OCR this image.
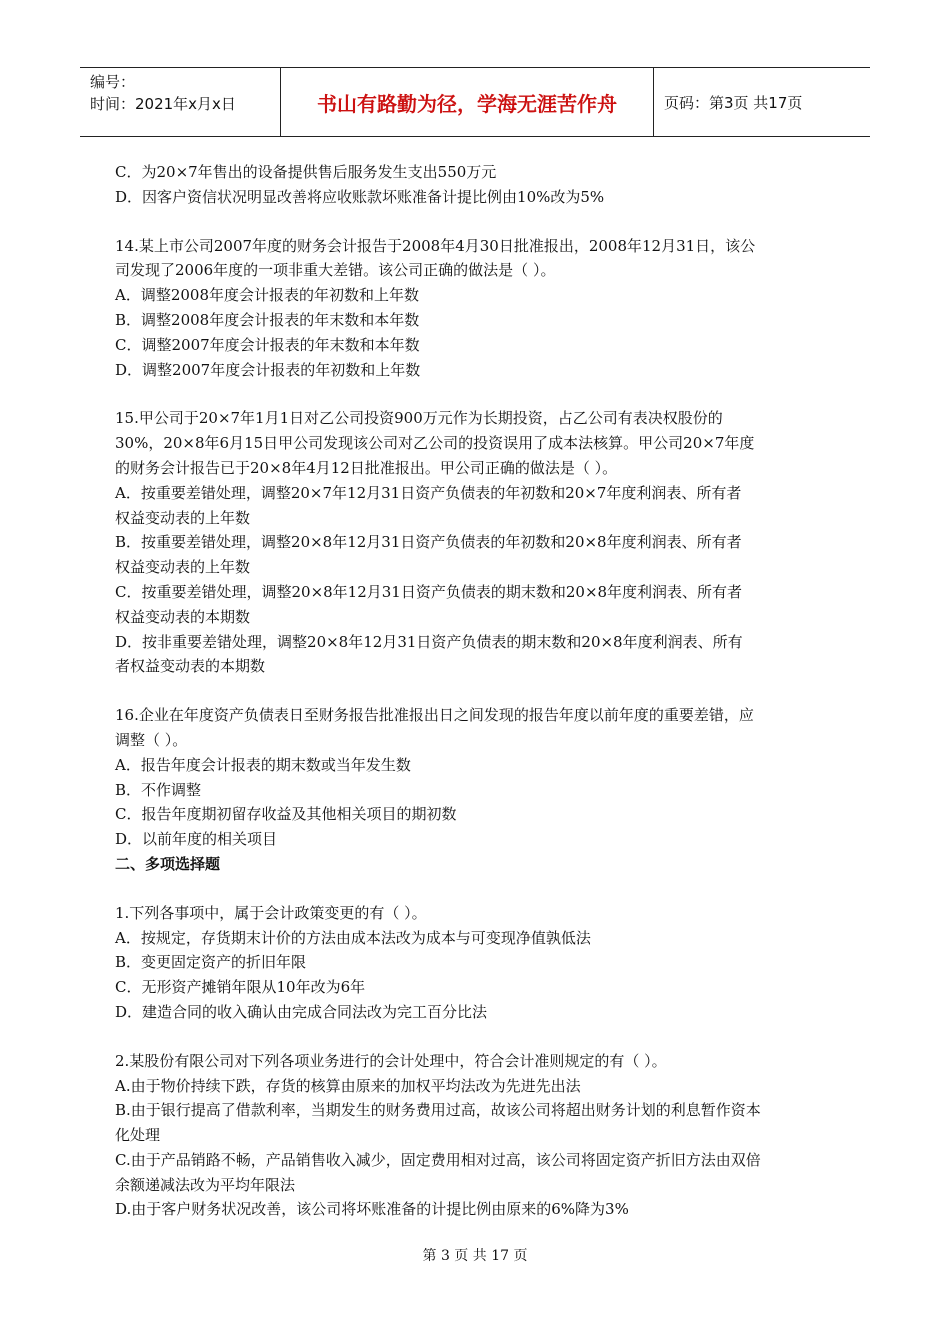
编号：
时间：2021年x月x日	书山有路勤为径，学海无涯苦作舟	页码：第3页 共17页
C．为20×7年售出的设备提供售后服务发生支出550万元
D．因客户资信状况明显改善将应收账款坏账准备计提比例由10%改为5%
14.某上市公司2007年度的财务会计报告于2008年4月30日批准报出，2008年12月31日，该公
司发现了2006年度的一项非重大差错。该公司正确的做法是（ ）。
A．调整2008年度会计报表的年初数和上年数
B．调整2008年度会计报表的年末数和本年数
C．调整2007年度会计报表的年末数和本年数
D．调整2007年度会计报表的年初数和上年数
15.甲公司于20×7年1月1日对乙公司投资900万元作为长期投资，占乙公司有表决权股份的
30%，20×8年6月15日甲公司发现该公司对乙公司的投资误用了成本法核算。甲公司20×7年度
的财务会计报告已于20×8年4月12日批准报出。甲公司正确的做法是（ ）。
A．按重要差错处理，调整20×7年12月31日资产负债表的年初数和20×7年度利润表、所有者
权益变动表的上年数
B．按重要差错处理，调整20×8年12月31日资产负债表的年初数和20×8年度利润表、所有者
权益变动表的上年数
C．按重要差错处理，调整20×8年12月31日资产负债表的期末数和20×8年度利润表、所有者
权益变动表的本期数
D．按非重要差错处理，调整20×8年12月31日资产负债表的期末数和20×8年度利润表、所有
者权益变动表的本期数
16.企业在年度资产负债表日至财务报告批准报出日之间发现的报告年度以前年度的重要差错，应
调整（ ）。
A．报告年度会计报表的期末数或当年发生数
B．不作调整
C．报告年度期初留存收益及其他相关项目的期初数
D．以前年度的相关项目
二、多项选择题
1.下列各事项中，属于会计政策变更的有（ ）。
A．按规定，存货期末计价的方法由成本法改为成本与可变现净值孰低法
B．变更固定资产的折旧年限
C．无形资产摊销年限从10年改为6年
D．建造合同的收入确认由完成合同法改为完工百分比法
2.某股份有限公司对下列各项业务进行的会计处理中，符合会计准则规定的有（ ）。
A.由于物价持续下跌，存货的核算由原来的加权平均法改为先进先出法
B.由于银行提高了借款利率，当期发生的财务费用过高，故该公司将超出财务计划的利息暂作资本
化处理
C.由于产品销路不畅，产品销售收入减少，固定费用相对过高，该公司将固定资产折旧方法由双倍
余额递减法改为平均年限法
D.由于客户财务状况改善，该公司将坏账准备的计提比例由原来的6%降为3%
第 3 页 共 17 页
